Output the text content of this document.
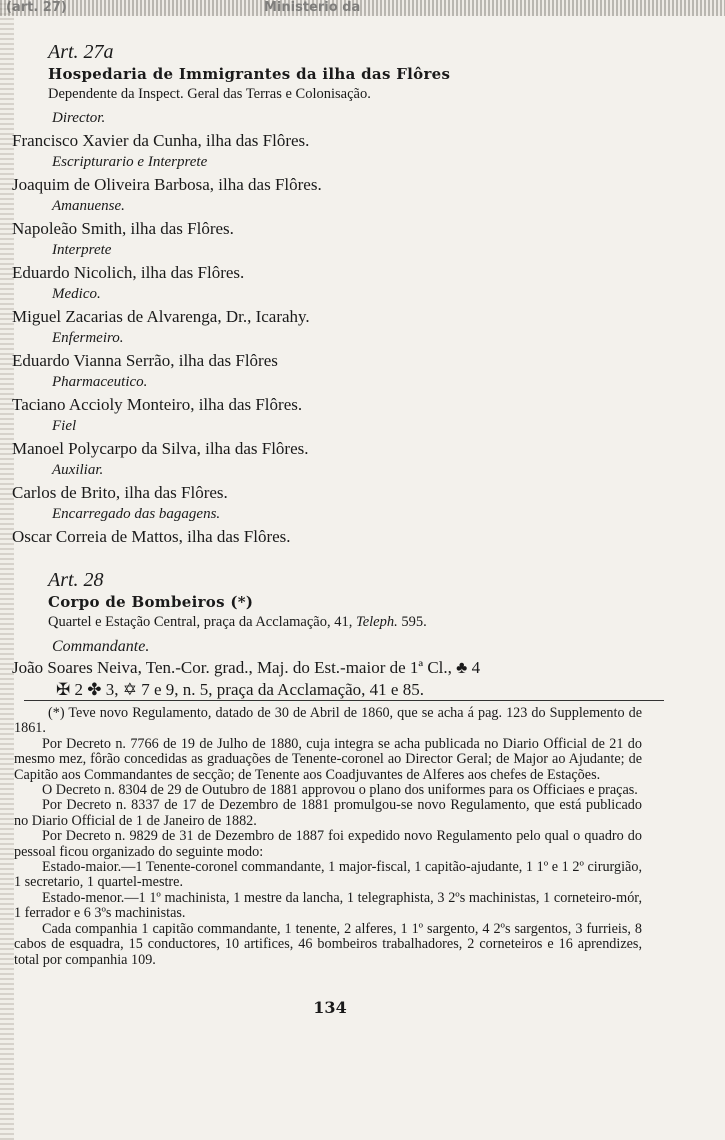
(art. 27)	Ministerio da
Art. 27a
Hospedaria de Immigrantes da ilha das Flôres
Dependente da Inspect. Geral das Terras e Colonisação.
Director.
Francisco Xavier da Cunha, ilha das Flôres.
Escripturario e Interprete
Joaquim de Oliveira Barbosa, ilha das Flôres.
Amanuense.
Napoleão Smith, ilha das Flôres.
Interprete
Eduardo Nicolich, ilha das Flôres.
Medico.
Miguel Zacarias de Alvarenga, Dr., Icarahy.
Enfermeiro.
Eduardo Vianna Serrão, ilha das Flôres
Pharmaceutico.
Taciano Accioly Monteiro, ilha das Flôres.
Fiel
Manoel Polycarpo da Silva, ilha das Flôres.
Auxiliar.
Carlos de Brito, ilha das Flôres.
Encarregado das bagagens.
Oscar Correia de Mattos, ilha das Flôres.
Art. 28
Corpo de Bombeiros (*)
Quartel e Estação Central, praça da Acclamação, 41, Teleph. 595.
Commandante.
João Soares Neiva, Ten.-Cor. grad., Maj. do Est.-maior de 1ª Cl., ♣ 4
✠ 2 ✤ 3, ✡ 7 e 9, n. 5, praça da Acclamação, 41 e 85.

(*) Teve novo Regulamento, datado de 30 de Abril de 1860, que se acha á pag. 123 do Supplemento de 1861.

Por Decreto n. 7766 de 19 de Julho de 1880, cuja integra se acha publicada no Diario Official de 21 do mesmo mez, fôrão concedidas as graduações de Tenente-coronel ao Director Geral; de Major ao Ajudante; de Capitão aos Commandantes de secção; de Tenente aos Coadjuvantes de Alferes aos chefes de Estações.

O Decreto n. 8304 de 29 de Outubro de 1881 approvou o plano dos uniformes para os Officiaes e praças.

Por Decreto n. 8337 de 17 de Dezembro de 1881 promulgou-se novo Regulamento, que está publicado no Diario Official de 1 de Janeiro de 1882.

Por Decreto n. 9829 de 31 de Dezembro de 1887 foi expedido novo Regulamento pelo qual o quadro do pessoal ficou organizado do seguinte modo:

Estado-maior.—1 Tenente-coronel commandante, 1 major-fiscal, 1 capitão-ajudante, 1 1º e 1 2º cirurgião, 1 secretario, 1 quartel-mestre.

Estado-menor.—1 1º machinista, 1 mestre da lancha, 1 telegraphista, 3 2ºs machinistas, 1 corneteiro-mór, 1 ferrador e 6 3ºs machinistas.

Cada companhia 1 capitão commandante, 1 tenente, 2 alferes, 1 1º sargento, 4 2ºs sargentos, 3 furrieis, 8 cabos de esquadra, 15 conductores, 10 artifices, 46 bombeiros trabalhadores, 2 corneteiros e 16 aprendizes, total por companhia 109.

134
